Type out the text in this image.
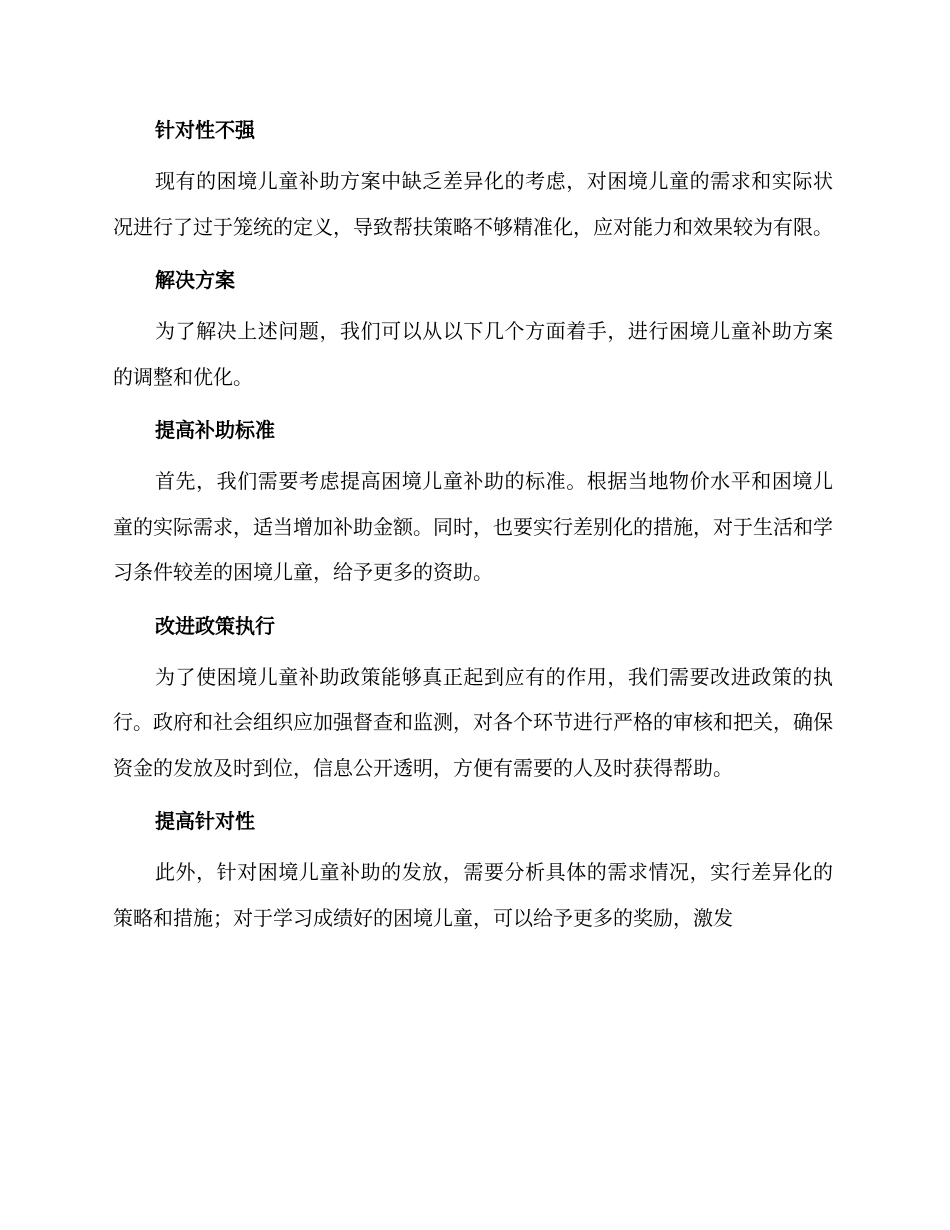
针对性不强

现有的困境儿童补助方案中缺乏差异化的考虑，对困境儿童的需求和实际状况进行了过于笼统的定义，导致帮扶策略不够精准化，应对能力和效果较为有限。

解决方案

为了解决上述问题，我们可以从以下几个方面着手，进行困境儿童补助方案的调整和优化。

提高补助标准

首先，我们需要考虑提高困境儿童补助的标准。根据当地物价水平和困境儿童的实际需求，适当增加补助金额。同时，也要实行差别化的措施，对于生活和学习条件较差的困境儿童，给予更多的资助。

改进政策执行

为了使困境儿童补助政策能够真正起到应有的作用，我们需要改进政策的执行。政府和社会组织应加强督查和监测，对各个环节进行严格的审核和把关，确保资金的发放及时到位，信息公开透明，方便有需要的人及时获得帮助。

提高针对性

此外，针对困境儿童补助的发放，需要分析具体的需求情况，实行差异化的策略和措施；对于学习成绩好的困境儿童，可以给予更多的奖励，激发
